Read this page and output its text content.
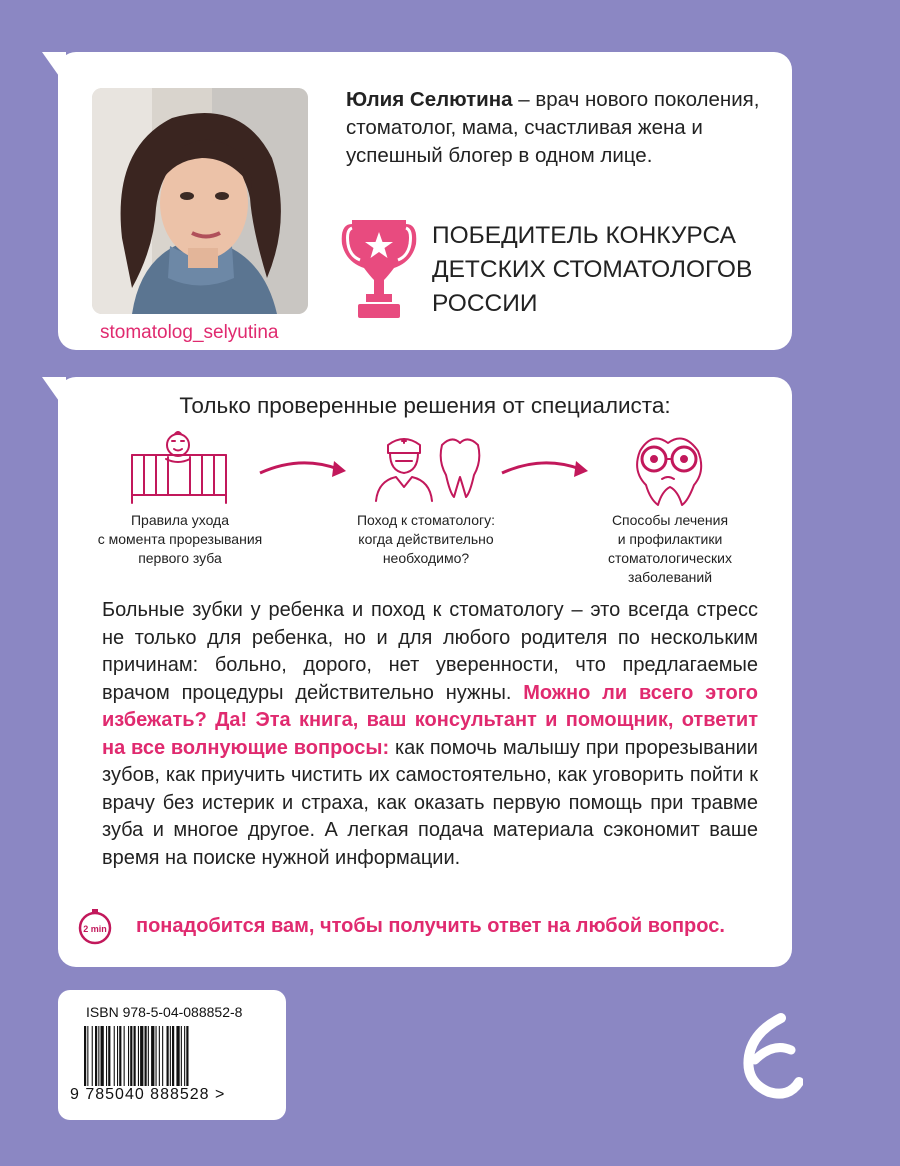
stomatolog_selyutina
Юлия Селютина – врач нового поколения, стоматолог, мама, счастливая жена и успешный блогер в одном лице.
ПОБЕДИТЕЛЬ КОНКУРСА
ДЕТСКИХ СТОМАТОЛОГОВ
РОССИИ
Только проверенные решения от специалиста:
Правила ухода
с момента прорезывания
первого зуба
Поход к стоматологу:
когда действительно
необходимо?
Способы лечения
и профилактики
стоматологических
заболеваний
Больные зубки у ребенка и поход к стоматологу – это всегда стресс не только для ребенка, но и для любого родителя по нескольким причинам: больно, дорого, нет уверенности, что предлагаемые врачом процедуры действительно нужны. Можно ли всего этого избежать? Да! Эта книга, ваш консультант и помощник, ответит на все волнующие вопросы: как помочь малышу при прорезывании зубов, как приучить чистить их самостоятельно, как уговорить пойти к врачу без истерик и страха, как оказать первую помощь при травме зуба и многое другое. А легкая подача материала сэкономит ваше время на поиске нужной информации.
2 min понадобится вам, чтобы получить ответ на любой вопрос.
ISBN 978-5-04-088852-8
9 785040 888528 >
